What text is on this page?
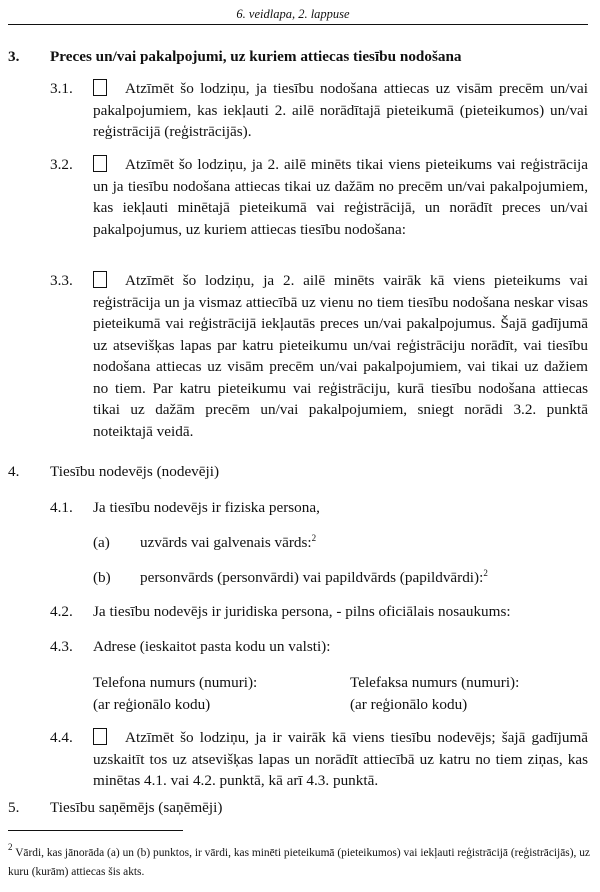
6. veidlapa, 2. lappuse
3. Preces un/vai pakalpojumi, uz kuriem attiecas tiesību nodošana
3.1.	Atzīmēt šo lodziņu, ja tiesību nodošana attiecas uz visām precēm un/vai pakalpojumiem, kas iekļauti 2. ailē norādītajā pieteikumā (pieteikumos) un/vai reģistrācijā (reģistrācijās).
3.2.	Atzīmēt šo lodziņu, ja 2. ailē minēts tikai viens pieteikums vai reģistrācija un ja tiesību nodošana attiecas tikai uz dažām no precēm un/vai pakalpojumiem, kas iekļauti minētajā pieteikumā vai reģistrācijā, un norādīt preces un/vai pakalpojumus, uz kuriem attiecas tiesību nodošana:
3.3.	Atzīmēt šo lodziņu, ja 2. ailē minēts vairāk kā viens pieteikums vai reģistrācija un ja vismaz attiecībā uz vienu no tiem tiesību nodošana neskar visas pieteikumā vai reģistrācijā iekļautās preces un/vai pakalpojumus. Šajā gadījumā uz atsevišķas lapas par katru pieteikumu un/vai reģistrāciju norādīt, vai tiesību nodošana attiecas uz visām precēm un/vai pakalpojumiem, vai tikai uz dažiem no tiem. Par katru pieteikumu vai reģistrāciju, kurā tiesību nodošana attiecas tikai uz dažām precēm un/vai pakalpojumiem, sniegt norādi 3.2. punktā noteiktajā veidā.
4. Tiesību nodevējs (nodevēji)
4.1.	Ja tiesību nodevējs ir fiziska persona,
(a) uzvārds vai galvenais vārds:$^2$
(b) personvārds (personvārdi) vai papildvārds (papildvārdi):$^2$
4.2.	Ja tiesību nodevējs ir juridiska persona, - pilns oficiālais nosaukums:
4.3.	Adrese (ieskaitot pasta kodu un valsti):
Telefona numurs (numuri):
(ar reģionālo kodu)
Telefaksa numurs (numuri):
(ar reģionālo kodu)
4.4.	Atzīmēt šo lodziņu, ja ir vairāk kā viens tiesību nodevējs; šajā gadījumā uzskaitīt tos uz atsevišķas lapas un norādīt attiecībā uz katru no tiem ziņas, kas minētas 4.1. vai 4.2. punktā, kā arī 4.3. punktā.
5. Tiesību saņēmējs (saņēmēji)
$^2$ Vārdi, kas jānorāda (a) un (b) punktos, ir vārdi, kas minēti pieteikumā (pieteikumos) vai iekļauti reģistrācijā (reģistrācijās), uz kuru (kurām) attiecas šis akts.
